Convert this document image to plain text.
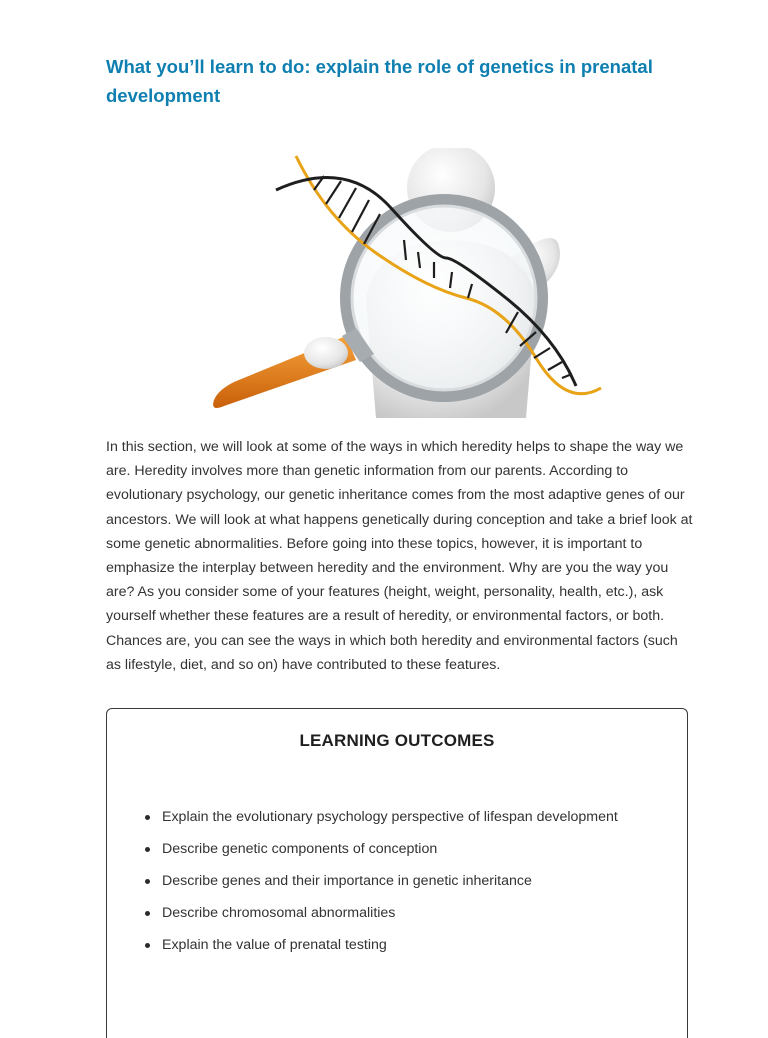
What you’ll learn to do: explain the role of genetics in prenatal development

In this section, we will look at some of the ways in which heredity helps to shape the way we are. Heredity involves more than genetic information from our parents. According to evolutionary psychology, our genetic inheritance comes from the most adaptive genes of our ancestors. We will look at what happens genetically during conception and take a brief look at some genetic abnormalities. Before going into these topics, however, it is important to emphasize the interplay between heredity and the environment. Why are you the way you are? As you consider some of your features (height, weight, personality, health, etc.), ask yourself whether these features are a result of heredity, or environmental factors, or both. Chances are, you can see the ways in which both heredity and environmental factors (such as lifestyle, diet, and so on) have contributed to these features.

LEARNING OUTCOMES
Explain the evolutionary psychology perspective of lifespan development
Describe genetic components of conception
Describe genes and their importance in genetic inheritance
Describe chromosomal abnormalities
Explain the value of prenatal testing
